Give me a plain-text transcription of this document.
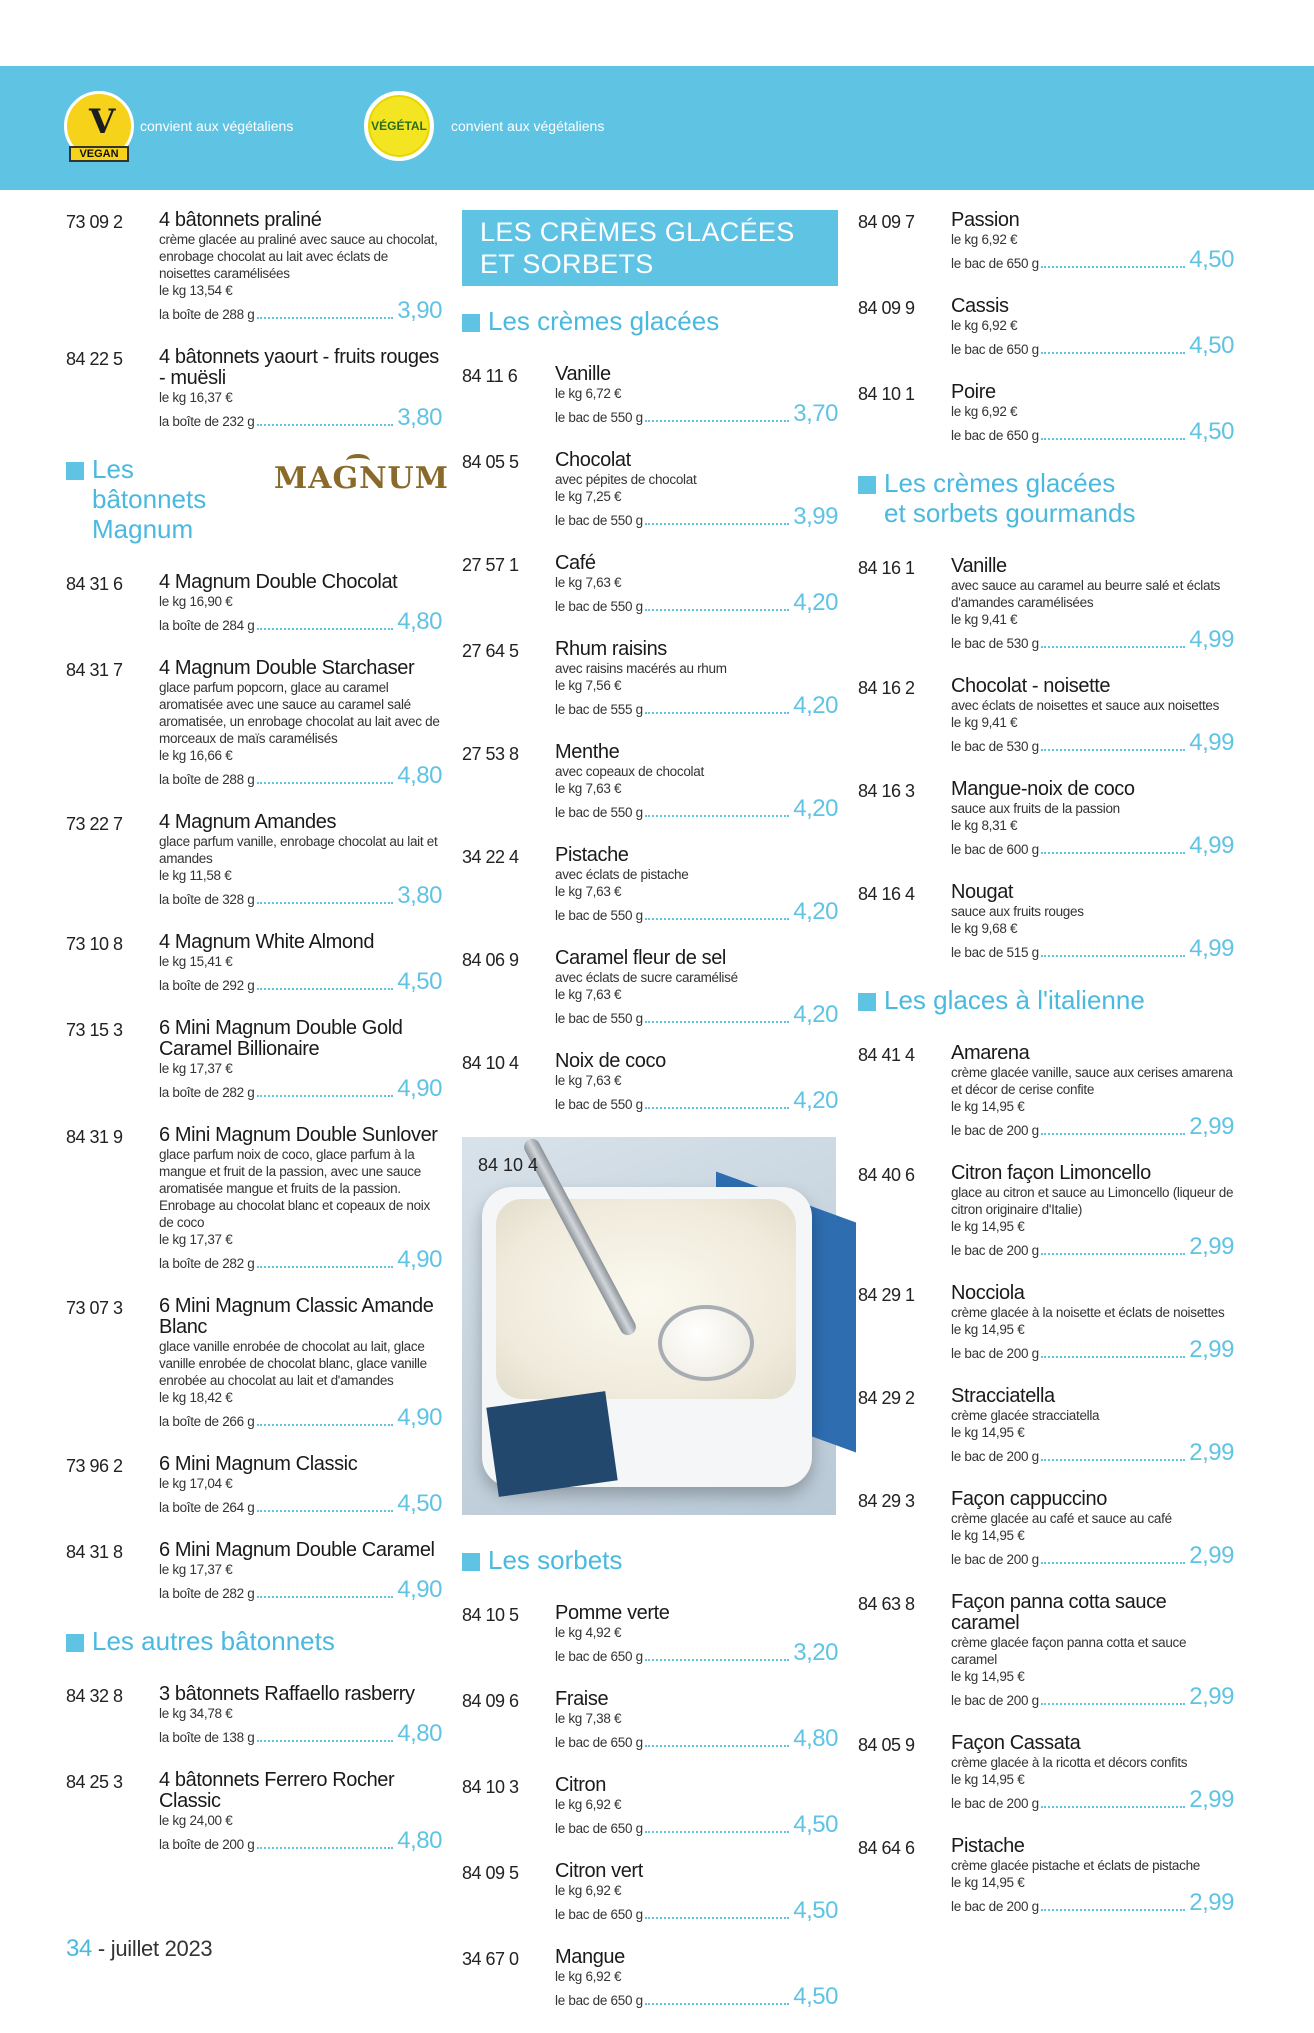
V
VEGAN
convient aux végétaliens	VÉGÉTAL convient aux végétaliens
73 09 2 4 bâtonnets praliné
crème glacée au praliné avec sauce au chocolat, enrobage chocolat au lait avec éclats de noisettes caramélisées
le kg 13,54 €
la boîte de 288 g	3,90
84 22 5 4 bâtonnets yaourt - fruits rouges - muësli
le kg 16,37 €
la boîte de 232 g	3,80
Les bâtonnets Magnum
MAGNUM
84 31 6 4 Magnum Double Chocolat
le kg 16,90 €
la boîte de 284 g	4,80
84 31 7 4 Magnum Double Starchaser
glace parfum popcorn, glace au caramel aromatisée avec une sauce au caramel salé aromatisée, un enrobage chocolat au lait avec de morceaux de maïs caramélisés
le kg 16,66 €
la boîte de 288 g	4,80
73 22 7 4 Magnum Amandes
glace parfum vanille, enrobage chocolat au lait et amandes
le kg 11,58 €
la boîte de 328 g	3,80
73 10 8 4 Magnum White Almond
le kg 15,41 €
la boîte de 292 g	4,50
73 15 3 6 Mini Magnum Double Gold Caramel Billionaire
le kg 17,37 €
la boîte de 282 g	4,90
84 31 9 6 Mini Magnum Double Sunlover
glace parfum noix de coco, glace parfum à la mangue et fruit de la passion, avec une sauce aromatisée mangue et fruits de la passion. Enrobage au chocolat blanc et copeaux de noix de coco
le kg 17,37 €
la boîte de 282 g	4,90
73 07 3 6 Mini Magnum Classic Amande Blanc
glace vanille enrobée de chocolat au lait, glace vanille enrobée de chocolat blanc, glace vanille enrobée au chocolat au lait et d'amandes
le kg 18,42 €
la boîte de 266 g	4,90
73 96 2 6 Mini Magnum Classic
le kg 17,04 €
la boîte de 264 g	4,50
84 31 8 6 Mini Magnum Double Caramel
le kg 17,37 €
la boîte de 282 g	4,90
Les autres bâtonnets
84 32 8 3 bâtonnets Raffaello rasberry
le kg 34,78 €
la boîte de 138 g	4,80
84 25 3 4 bâtonnets Ferrero Rocher Classic
le kg 24,00 €
la boîte de 200 g	4,80
LES CRÈMES GLACÉES
ET SORBETS
Les crèmes glacées
84 11 6 Vanille
le kg 6,72 €
le bac de 550 g	3,70
84 05 5 Chocolat
avec pépites de chocolat
le kg 7,25 €
le bac de 550 g	3,99
27 57 1 Café
le kg 7,63 €
le bac de 550 g	4,20
27 64 5 Rhum raisins
avec raisins macérés au rhum
le kg 7,56 €
le bac de 555 g	4,20
27 53 8 Menthe
avec copeaux de chocolat
le kg 7,63 €
le bac de 550 g	4,20
34 22 4 Pistache
avec éclats de pistache
le kg 7,63 €
le bac de 550 g	4,20
84 06 9 Caramel fleur de sel
avec éclats de sucre caramélisé
le kg 7,63 €
le bac de 550 g	4,20
84 10 4 Noix de coco
le kg 7,63 €
le bac de 550 g	4,20
84 10 4
Les sorbets
84 10 5 Pomme verte
le kg 4,92 €
le bac de 650 g	3,20
84 09 6 Fraise
le kg 7,38 €
le bac de 650 g	4,80
84 10 3 Citron
le kg 6,92 €
le bac de 650 g	4,50
84 09 5 Citron vert
le kg 6,92 €
le bac de 650 g	4,50
34 67 0 Mangue
le kg 6,92 €
le bac de 650 g	4,50
84 09 7 Passion
le kg 6,92 €
le bac de 650 g	4,50
84 09 9 Cassis
le kg 6,92 €
le bac de 650 g	4,50
84 10 1 Poire
le kg 6,92 €
le bac de 650 g	4,50
Les crèmes glacées
et sorbets gourmands
84 16 1 Vanille
avec sauce au caramel au beurre salé et éclats d'amandes caramélisées
le kg 9,41 €
le bac de 530 g	4,99
84 16 2 Chocolat - noisette
avec éclats de noisettes et sauce aux noisettes
le kg 9,41 €
le bac de 530 g	4,99
84 16 3 Mangue-noix de coco
sauce aux fruits de la passion
le kg 8,31 €
le bac de 600 g	4,99
84 16 4 Nougat
sauce aux fruits rouges
le kg 9,68 €
le bac de 515 g	4,99
Les glaces à l'italienne
84 41 4 Amarena
crème glacée vanille, sauce aux cerises amarena et décor de cerise confite
le kg 14,95 €
le bac de 200 g	2,99
84 40 6 Citron façon Limoncello
glace au citron et sauce au Limoncello (liqueur de citron originaire d'Italie)
le kg 14,95 €
le bac de 200 g	2,99
84 29 1 Nocciola
crème glacée à la noisette et éclats de noisettes
le kg 14,95 €
le bac de 200 g	2,99
84 29 2 Stracciatella
crème glacée stracciatella
le kg 14,95 €
le bac de 200 g	2,99
84 29 3 Façon cappuccino
crème glacée au café et sauce au café
le kg 14,95 €
le bac de 200 g	2,99
84 63 8 Façon panna cotta sauce caramel
crème glacée façon panna cotta et sauce caramel
le kg 14,95 €
le bac de 200 g	2,99
84 05 9 Façon Cassata
crème glacée à la ricotta et décors confits
le kg 14,95 €
le bac de 200 g	2,99
84 64 6 Pistache
crème glacée pistache et éclats de pistache
le kg 14,95 €
le bac de 200 g	2,99
34 - juillet 2023
